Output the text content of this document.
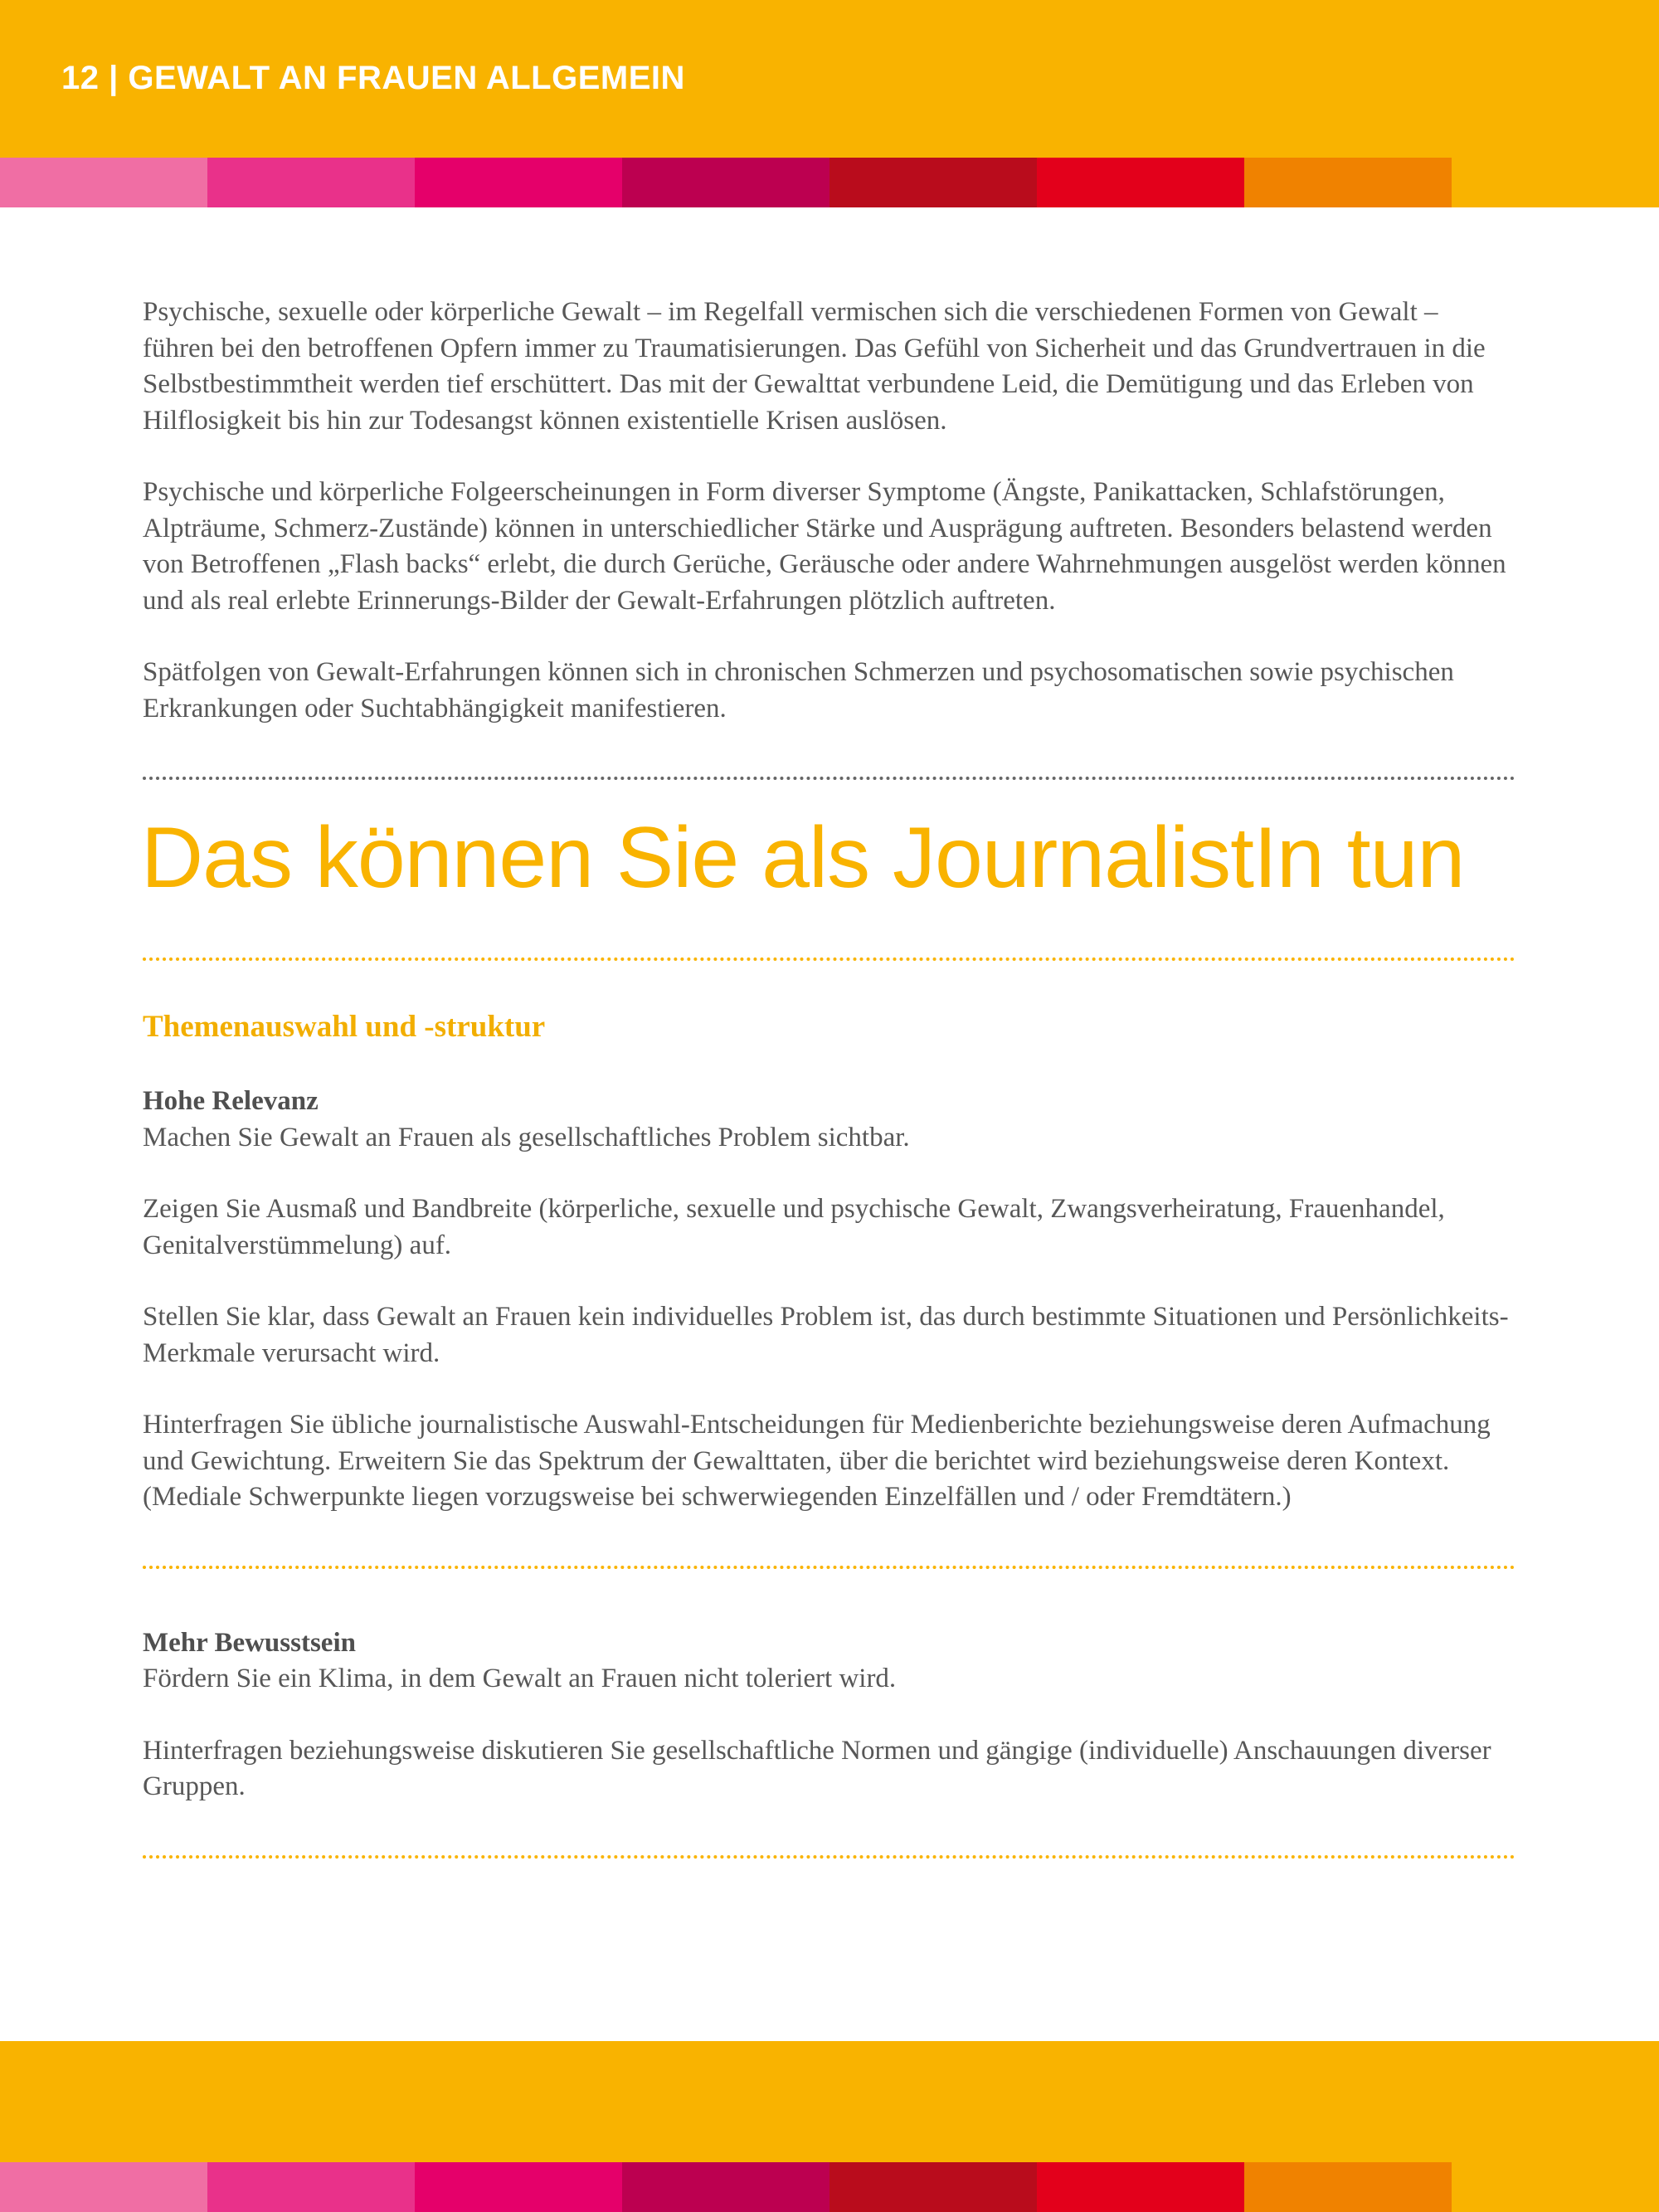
12 | GEWALT AN FRAUEN ALLGEMEIN

Psychische, sexuelle oder körperliche Gewalt – im Regelfall vermischen sich die verschiedenen Formen von Gewalt – führen bei den betroffenen Opfern immer zu Traumatisierungen. Das Gefühl von Sicherheit und das Grundvertrauen in die Selbstbestimmtheit werden tief erschüttert. Das mit der Gewalttat verbundene Leid, die Demütigung und das Erleben von Hilflosigkeit bis hin zur Todesangst können existentielle Krisen auslösen.

Psychische und körperliche Folgeerscheinungen in Form diverser Symptome (Ängste, Panikattacken, Schlafstörungen, Alpträume, Schmerz-Zustände) können in unterschiedlicher Stärke und Ausprägung auftreten. Besonders belastend werden von Betroffenen „Flash backs“ erlebt, die durch Gerüche, Geräusche oder andere Wahrnehmungen ausgelöst werden können und als real erlebte Erinnerungs-Bilder der Gewalt-Erfahrungen plötzlich auftreten.

Spätfolgen von Gewalt-Erfahrungen können sich in chronischen Schmerzen und psychosomatischen sowie psychischen Erkrankungen oder Suchtabhängigkeit manifestieren.

Das können Sie als JournalistIn tun
Themenauswahl und -struktur

Hohe Relevanz

Machen Sie Gewalt an Frauen als gesellschaftliches Problem sichtbar.

Zeigen Sie Ausmaß und Bandbreite (körperliche, sexuelle und psychische Gewalt, Zwangsverheiratung, Frauenhandel, Genitalverstümmelung) auf.

Stellen Sie klar, dass Gewalt an Frauen kein individuelles Problem ist, das durch bestimmte Situationen und Persönlichkeits-Merkmale verursacht wird.

Hinterfragen Sie übliche journalistische Auswahl-Entscheidungen für Medienberichte beziehungsweise deren Aufmachung und Gewichtung. Erweitern Sie das Spektrum der Gewalttaten, über die berichtet wird beziehungsweise deren Kontext. (Mediale Schwerpunkte liegen vorzugsweise bei schwerwiegenden Einzelfällen und / oder Fremdtätern.)

Mehr Bewusstsein

Fördern Sie ein Klima, in dem Gewalt an Frauen nicht toleriert wird.

Hinterfragen beziehungsweise diskutieren Sie gesellschaftliche Normen und gängige (individuelle) Anschauungen diverser Gruppen.
